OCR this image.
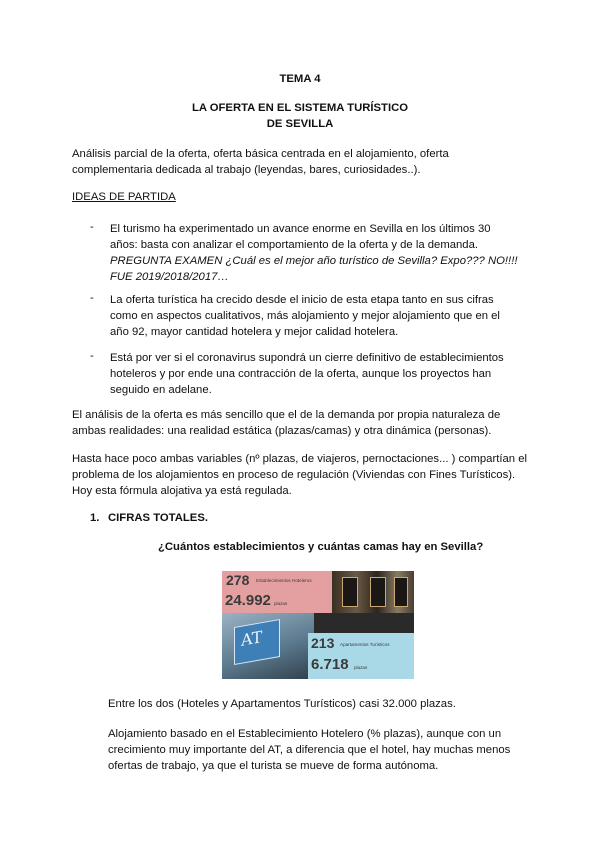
TEMA 4
LA OFERTA EN EL SISTEMA TURÍSTICO
DE SEVILLA
Análisis parcial de la oferta, oferta básica centrada en el alojamiento, oferta complementaria dedicada al trabajo (leyendas, bares, curiosidades..).
IDEAS DE PARTIDA
- El turismo ha experimentado un avance enorme en Sevilla en los últimos 30 años: basta con analizar el comportamiento de la oferta y de la demanda. PREGUNTA EXAMEN ¿Cuál es el mejor año turístico de Sevilla? Expo??? NO!!!! FUE 2019/2018/2017…
- La oferta turística ha crecido desde el inicio de esta etapa tanto en sus cifras como en aspectos cualitativos, más alojamiento y mejor alojamiento que en el año 92, mayor cantidad hotelera y mejor calidad hotelera.
- Está por ver si el coronavirus supondrá un cierre definitivo de establecimientos hoteleros y por ende una contracción de la oferta, aunque los proyectos han seguido en adelane.
El análisis de la oferta es más sencillo que el de la demanda por propia naturaleza de ambas realidades: una realidad estática (plazas/camas) y otra dinámica (personas).
Hasta hace poco ambas variables (nº plazas, de viajeros, pernoctaciones... ) compartían el problema de los alojamientos en proceso de regulación (Viviendas con Fines Turísticos). Hoy esta fórmula alojativa ya está regulada.
1. CIFRAS TOTALES.
¿Cuántos establecimientos y cuántas camas hay en Sevilla?
AT
278 Establecimientos Hoteleros
24.992 plazas
213 Apartamentos Turísticos
6.718 plazas
Entre los dos (Hoteles y Apartamentos Turísticos) casi 32.000 plazas.
Alojamiento basado en el Establecimiento Hotelero (% plazas), aunque con un crecimiento muy importante del AT, a diferencia que el hotel, hay muchas menos ofertas de trabajo, ya que el turista se mueve de forma autónoma.
